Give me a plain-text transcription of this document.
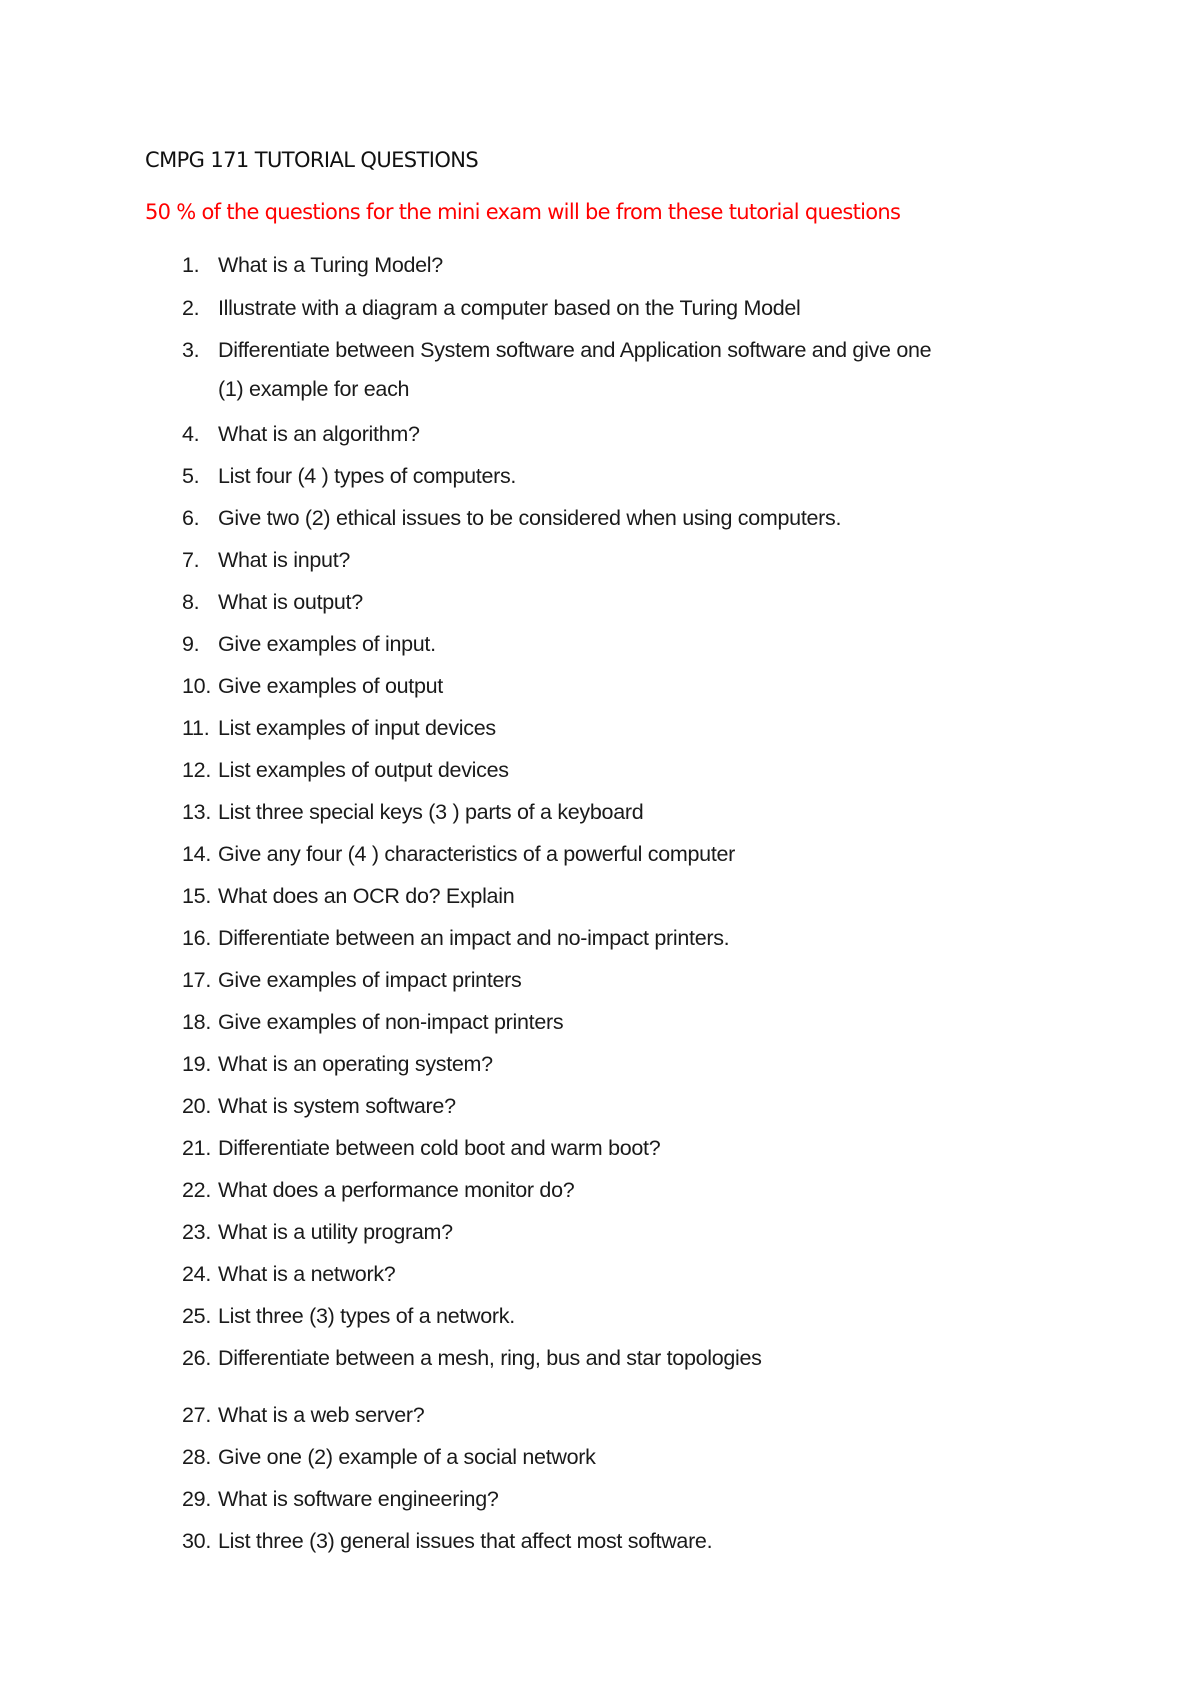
CMPG 171 TUTORIAL QUESTIONS

50 % of the questions for the mini exam will be from these tutorial questions

1. What is a Turing Model?
2. Illustrate with a diagram a computer based on the Turing Model
3. Differentiate between System software and Application software and give one
(1) example for each
4. What is an algorithm?
5. List four (4 ) types of computers.
6. Give two (2) ethical issues to be considered when using computers.
7. What is input?
8. What is output?
9. Give examples of input.
10. Give examples of output
11. List examples of input devices
12. List examples of output devices
13. List three special keys (3 ) parts of a keyboard
14. Give any four (4 ) characteristics of a powerful computer
15. What does an OCR do? Explain
16. Differentiate between an impact and no-impact printers.
17. Give examples of impact printers
18. Give examples of non-impact printers
19. What is an operating system?
20. What is system software?
21. Differentiate between cold boot and warm boot?
22. What does a performance monitor do?
23. What is a utility program?
24. What is a network?
25. List three (3) types of a network.
26. Differentiate between a mesh, ring, bus and star topologies
27. What is a web server?
28. Give one (2) example of a social network
29. What is software engineering?
30. List three (3) general issues that affect most software.
